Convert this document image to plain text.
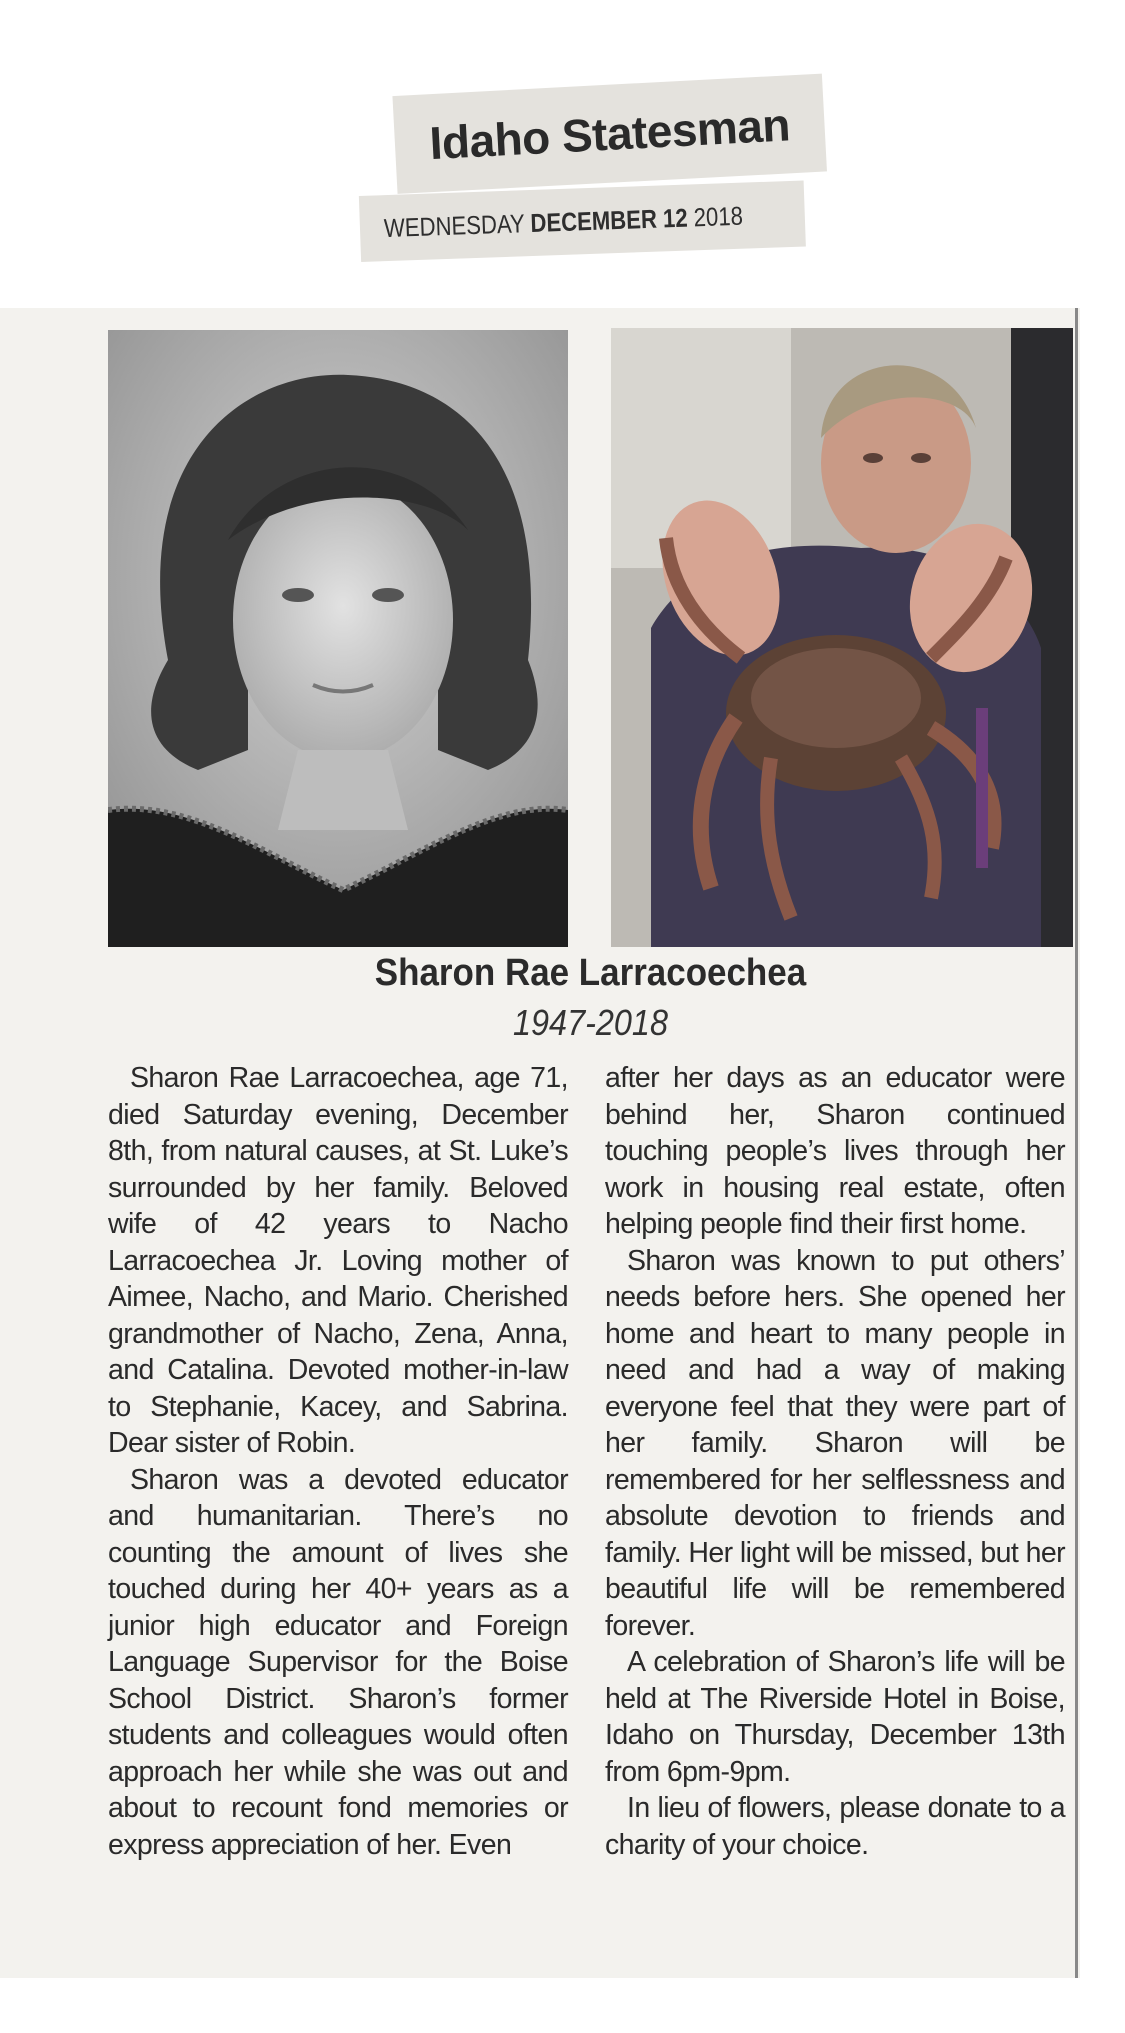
Idaho Statesman
WEDNESDAY DECEMBER 12 2018
Sharon Rae Larracoechea
1947-2018

Sharon Rae Larracoechea, age 71, died Saturday evening, December 8th, from natural causes, at St. Luke’s surrounded by her family. Beloved wife of 42 years to Nacho Larracoechea Jr. Loving mother of Aimee, Nacho, and Mario. Cherished grandmother of Nacho, Zena, Anna, and Catalina. Devoted mother-in-law to Stephanie, Kacey, and Sabrina. Dear sister of Robin.

Sharon was a devoted educator and humanitarian. There’s no counting the amount of lives she touched during her 40+ years as a junior high educator and Foreign Language Supervisor for the Boise School District. Sharon’s former students and colleagues would often approach her while she was out and about to recount fond memories or express appreciation of her. Even

after her days as an educator were behind her, Sharon continued touching people’s lives through her work in housing real estate, often helping people find their first home.

Sharon was known to put others’ needs before hers. She opened her home and heart to many people in need and had a way of making everyone feel that they were part of her family. Sharon will be remembered for her selflessness and absolute devotion to friends and family. Her light will be missed, but her beautiful life will be remembered forever.

A celebration of Sharon’s life will be held at The Riverside Hotel in Boise, Idaho on Thursday, December 13th from 6pm-9pm.

In lieu of flowers, please donate to a charity of your choice.
